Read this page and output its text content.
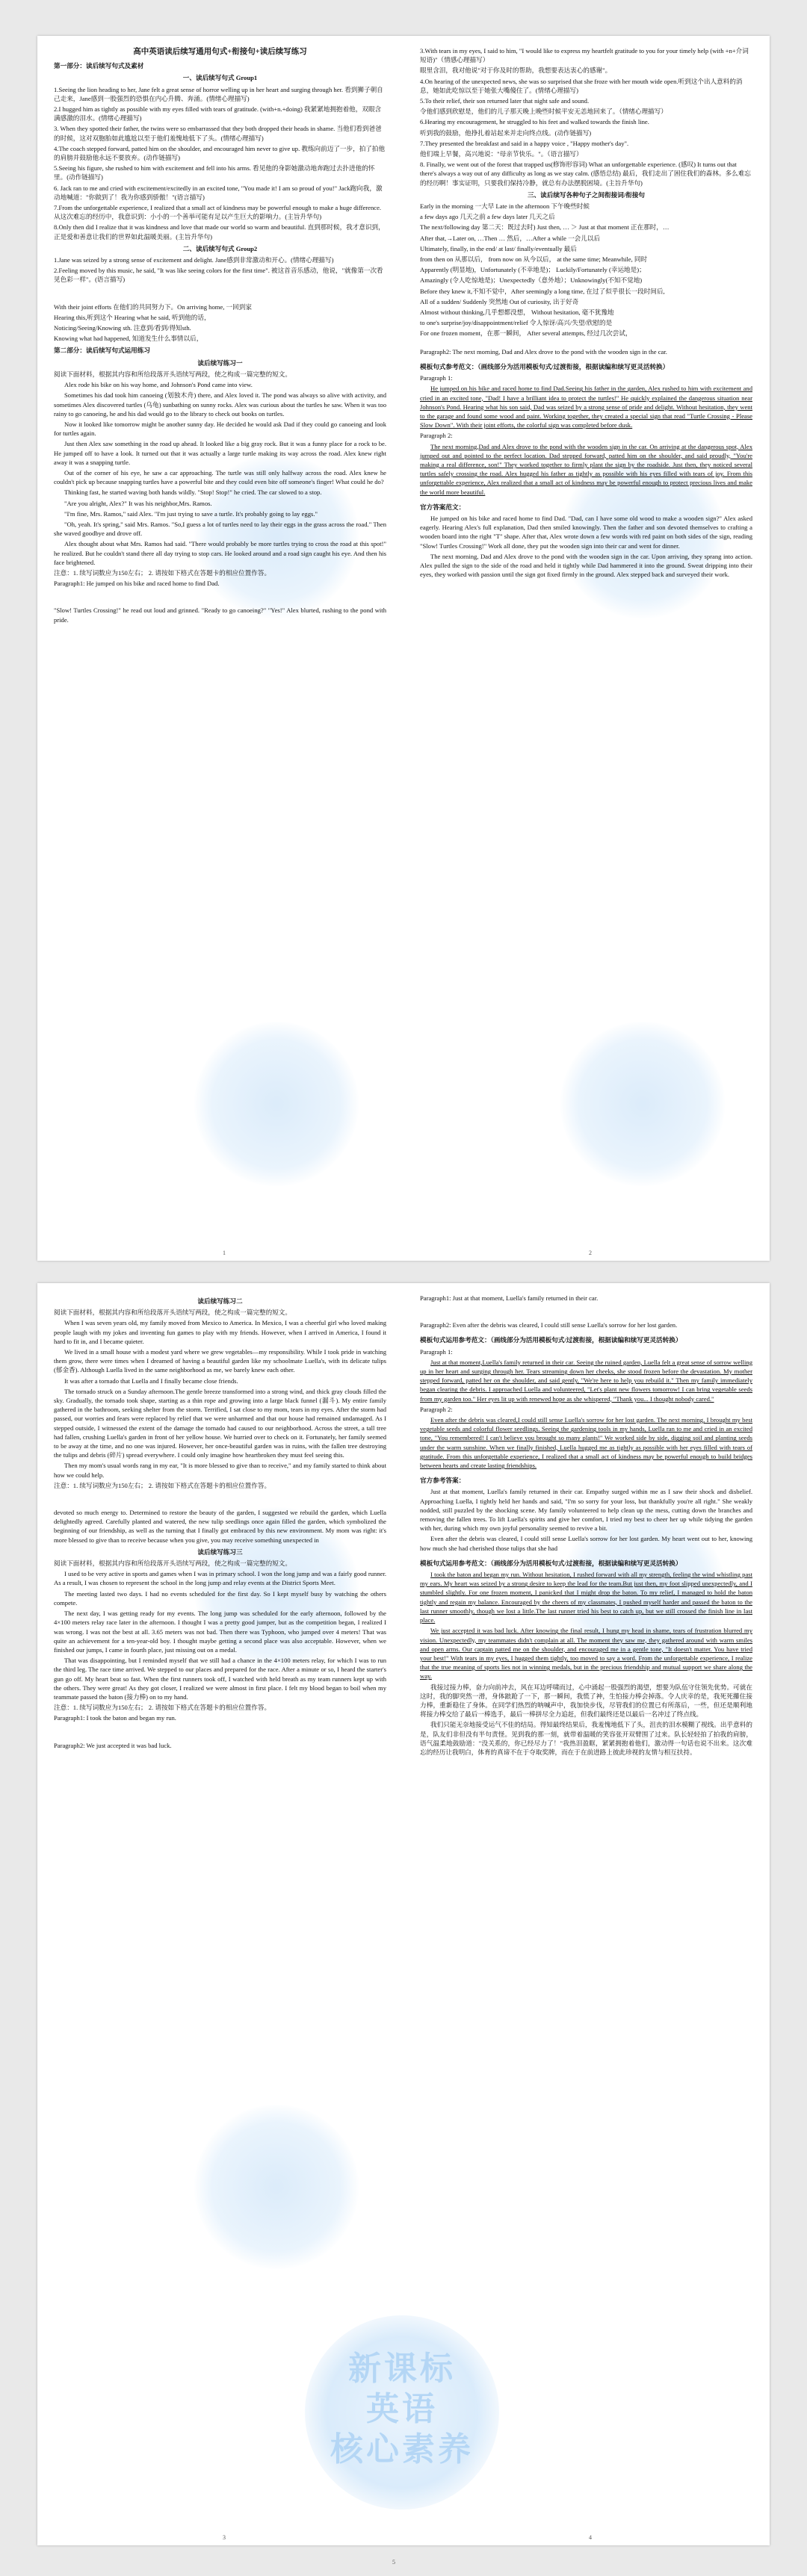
高中英语读后续写通用句式+衔接句+读后续写练习
第一部分：读后续写句式及素材
一、读后续写句式 Group1
1.Seeing the lion heading to her, Jane felt a great sense of horror welling up in her heart and surging through her. 看到狮子朝自己走来，Jane感到一股强烈的恐惧在内心升腾、奔涌。(情绪心理描写)
2.I hugged him as tightly as possible with my eyes filled with tears of gratitude. (with+n.+doing) 我紧紧地拥抱着他，双眼含满感激的泪水。(情绪心理描写)
3. When they spotted their father, the twins were so embarrassed that they both dropped their heads in shame. 当他们看到爸爸的时候，这对双胞胎如此尴尬以至于他们羞愧地低下了头。(情绪心理描写)
4.The coach stepped forward, patted him on the shoulder, and encouraged him never to give up. 教练向前迈了一步，拍了拍他的肩膀并鼓励他永远不要放弃。(动作链描写)
5.Seeing his figure, she rushed to him with excitement and fell into his arms. 看见他的身影她激动地奔跑过去扑进他的怀里。(动作链描写)
6. Jack ran to me and cried with excitement/excitedly in an excited tone, "You made it! I am so proud of you!" Jack跑向我，激动地喊道："你做到了！我为你感到骄傲！"(语言描写)
7.From the unforgettable experience, I realized that a small act of kindness may be powerful enough to make a huge difference. 从这次难忘的经历中，我意识到：小小的一个善举可能有足以产生巨大的影响力。(主旨升华句)
8.Only then did I realize that it was kindness and love that made our world so warm and beautiful. 直到那时候，我才意识到，正是爱和善意让我们的世界如此温暖美丽。(主旨升华句)
二、读后续写句式 Group2
1.Jane was seized by a strong sense of excitement and delight. Jane感到非常激动和开心。(情绪心理描写)
2.Feeling moved by this music, he said, "It was like seeing colors for the first time". 被这首音乐感动，他说，"就像第一次看见色彩一样"。(语言描写)
With their joint efforts 在他们的共同努力下。On arriving home, 一回到家
Hearing this,听到这个 Hearing what he said, 听到他的话，
Noticing/Seeing/Knowing sth. 注意到/看到/得知sth.
Knowing what had happened, 知道发生什么事情以后，
第二部分：读后续写句式运用练习
读后续写练习一

阅读下面材料，根据其内容和所给段落开头语续写两段，使之构成一篇完整的短文。

Alex rode his bike on his way home, and Johnson's Pond came into view.

Sometimes his dad took him canoeing (划独木舟) there, and Alex loved it. The pond was always so alive with activity, and sometimes Alex discovered turtles (乌龟) sunbathing on sunny rocks. Alex was curious about the turtles he saw. When it was too rainy to go canoeing, he and his dad would go to the library to check out books on turtles.

Now it looked like tomorrow might be another sunny day. He decided he would ask Dad if they could go canoeing and look for turtles again.

Just then Alex saw something in the road up ahead. It looked like a big gray rock. But it was a funny place for a rock to be. He jumped off to have a look. It turned out that it was actually a large turtle making its way across the road. Alex knew right away it was a snapping turtle.

Out of the corner of his eye, he saw a car approaching. The turtle was still only halfway across the road. Alex knew he couldn't pick up because snapping turtles have a powerful bite and they could even bite off someone's finger! What could he do?

Thinking fast, he started waving both hands wildly. "Stop! Stop!" he cried. The car slowed to a stop.

"Are you alright, Alex?" It was his neighbor,Mrs. Ramos.

"I'm fine, Mrs. Ramos," said Alex. "I'm just trying to save a turtle. It's probably going to lay eggs."

"Oh, yeah. It's spring," said Mrs. Ramos. "So,I guess a lot of turtles need to lay their eggs in the grass across the road." Then she waved goodbye and drove off.

Alex thought about what Mrs. Ramos had said. "There would probably be more turtles trying to cross the road at this spot!" he realized. But he couldn't stand there all day trying to stop cars. He looked around and a road sign caught his eye. And then his face brightened.

注意：1. 续写词数应为150左右； 2. 请按如下格式在答题卡的相应位置作答。

Paragraph1: He jumped on his bike and raced home to find Dad.

"Slow! Turtles Crossing!" he read out loud and grinned. "Ready to go canoeing?" "Yes!" Alex blurted, rushing to the pond with pride.

3.With tears in my eyes, I said to him, "I would like to express my heartfelt gratitude to you for your timely help (with +n+介词短语)"（情感心理描写）
眼里含泪，我对他说"对于你及时的帮助，我想要表达衷心的感谢"。
4.On hearing of the unexpected news, she was so surprised that she froze with her mouth wide open.听到这个出人意料的消息，她如此吃惊以至于她张大嘴傻住了。(情绪心理描写)
5.To their relief, their son returned later that night safe and sound.
令他们感到欣慰是，他们的儿子那天晚上晚些时候平安无恙地回来了。（情绪心理描写）
6.Hearing my encouragement, he struggled to his feet and walked towards the finish line.
听到我的鼓励，他挣扎着站起来并走向终点线。(动作链描写)
7.They presented the breakfast and said in a happy voice , "Happy mother's day".
他们端上早餐，高兴地说："母亲节快乐。"。（语言描写）
8. Finally, we went out of the forest that trapped us(修饰形容词) What an unforgettable experience. (感叹) It turns out that there's always a way out of any difficulty as long as we stay calm. (感悟总结) 最后，我们走出了困住我们的森林。多么难忘的经历啊！事实证明，只要我们保持冷静，就总有办法摆脱困境。(主旨升华句)
三、读后续写各种句子之间衔接词/衔接句
Early in the morning 一大早 Late in the afternoon 下午晚些时候
a few days ago 几天之前 a few days later 几天之后
The next/following day 第二天：既过去时) Just then, … ＞ Just at that moment 正在那时，…
After that,→Later on, …Then … 然后，…After a while 一会儿以后
Ultimately, finally, in the end/ at last/ finally/eventually 最后
from then on 从那以后， from now on 从今以后， at the same time; Meanwhile, 同时
Apparently (明显地)，Unfortunately (不幸地是)； Luckily/Fortunately (幸运地是)；
Amazingly (令人吃惊地是)；Unexpectedly（意外地）；Unknowingly(不知不觉地)
Before they knew it,不知不觉中，After seemingly a long time, 在过了似乎很长一段时间后,
All of a sudden/ Suddenly 突然地 Out of curiosity, 出于好奇
Almost without thinking,几乎想都没想， Without hesitation, 毫不犹豫地
to one's surprise/joy/disappointment/relief 令人惊讶/高兴/失望/欣慰的是
For one frozen moment，在那一瞬间， After several attempts, 经过几次尝试，

Paragraph2: The next morning, Dad and Alex drove to the pond with the wooden sign in the car.

模板句式参考范文：（画线部分为活用模板句式/过渡衔接，根据读编和续写更灵活转换）
Paragraph 1:

He jumped on his bike and raced home to find Dad.Seeing his father in the garden, Alex rushed to him with excitement and cried in an excited tone, "Dad! I have a brilliant idea to protect the turtles!" He quickly explained the dangerous situation near Johnson's Pond. Hearing what his son said, Dad was seized by a strong sense of pride and delight. Without hesitation, they went to the garage and found some wood and paint. Working together, they created a special sign that read "Turtle Crossing - Please Slow Down". With their joint efforts, the colorful sign was completed before dusk.

Paragraph 2:

The next morning,Dad and Alex drove to the pond with the wooden sign in the car. On arriving at the dangerous spot, Alex jumped out and pointed to the perfect location. Dad stepped forward, patted him on the shoulder, and said proudly, "You're making a real difference, son!" They worked together to firmly plant the sign by the roadside. Just then, they noticed several turtles safely crossing the road. Alex hugged his father as tightly as possible with his eyes filled with tears of joy. From this unforgettable experience, Alex realized that a small act of kindness may be powerful enough to protect precious lives and make the world more beautiful.

官方答案范文：

He jumped on his bike and raced home to find Dad. "Dad, can I have some old wood to make a wooden sign?" Alex asked eagerly. Hearing Alex's full explanation, Dad then smiled knowingly. Then the father and son devoted themselves to crafting a wooden board into the right "T" shape. After that, Alex wrote down a few words with red paint on both sides of the sign, reading "Slow! Turtles Crossing!" Work all done, they put the wooden sign into their car and went for dinner.

The next morning, Dad and Alex drove to the pond with the wooden sign in the car. Upon arriving, they sprang into action. Alex pulled the sign to the side of the road and held it tightly while Dad hammered it into the ground. Sweat dripping into their eyes, they worked with passion until the sign got fixed firmly in the ground. Alex stepped back and surveyed their work.

1	2
读后续写练习二

阅读下面材料，根据其内容和所给段落开头语续写两段，使之构成一篇完整的短文。

When I was seven years old, my family moved from Mexico to America. In Mexico, I was a cheerful girl who loved making people laugh with my jokes and inventing fun games to play with my friends. However, when I arrived in America, I found it hard to fit in, and I became quieter.

We lived in a small house with a modest yard where we grew vegetables—my responsibility. While I took pride in watching them grow, there were times when I dreamed of having a beautiful garden like my schoolmate Luella's, with its delicate tulips (郁金香). Although Luella lived in the same neighborhood as me, we barely knew each other.

It was after a tornado that Luella and I finally became close friends.

The tornado struck on a Sunday afternoon.The gentle breeze transformed into a strong wind, and thick gray clouds filled the sky. Gradually, the tornado took shape, starting as a thin rope and growing into a large black funnel (漏斗). My entire family gathered in the bathroom, seeking shelter from the storm. Terrified, I sat close to my mom, tears in my eyes. After the storm had passed, our worries and fears were replaced by relief that we were unharmed and that our house had remained undamaged. As I stepped outside, I witnessed the extent of the damage the tornado had caused to our neighborhood. Across the street, a tall tree had fallen, crushing Luella's garden in front of her yellow house. We hurried over to check on it. Fortunately, her family seemed to be away at the time, and no one was injured. However, her once-beautiful garden was in ruins, with the fallen tree destroying the tulips and debris (碎片) spread everywhere. I could only imagine how heartbroken they must feel seeing this.

Then my mom's usual words rang in my ear, "It is more blessed to give than to receive," and my family started to think about how we could help.

注意：1. 续写词数应为150左右； 2. 请按如下格式在答题卡的相应位置作答。

devoted so much energy to. Determined to restore the beauty of the garden, I suggested we rebuild the garden, which Luella delightedly agreed. Carefully planted and watered, the new tulip seedlings once again filled the garden, which symbolized the beginning of our friendship, as well as the turning that I finally got embraced by this new environment. My mom was right: it's more blessed to give than to receive because when you give, you may receive something unexpected in

读后续写练习三

阅读下面材料，根据其内容和所给段落开头语续写两段，使之构成一篇完整的短文。

I used to be very active in sports and games when I was in primary school. I won the long jump and was a fairly good runner. As a result, I was chosen to represent the school in the long jump and relay events at the District Sports Meet.

The meeting lasted two days. I had no events scheduled for the first day. So I kept myself busy by watching the others compete.

The next day, I was getting ready for my events. The long jump was scheduled for the early afternoon, followed by the 4×100 meters relay race later in the afternoon. I thought I was a pretty good jumper, but as the competition began, I realized I was wrong. I was not the best at all. 3.65 meters was not bad. Then there was Typhoon, who jumped over 4 meters! That was quite an achievement for a ten-year-old boy. I thought maybe getting a second place was also acceptable. However, when we finished our jumps, I came in fourth place, just missing out on a medal.

That was disappointing, but I reminded myself that we still had a chance in the 4×100 meters relay, for which I was to run the third leg. The race time arrived. We stepped to our places and prepared for the race. After a minute or so, I heard the starter's gun go off. My heart beat so fast. When the first runners took off, I watched with held breath as my team runners kept up with the others. They were great! As they got closer, I realized we were almost in first place. I felt my blood began to boil when my teammate passed the baton (接力棒) on to my hand.

注意：1. 续写词数应为150左右； 2. 请按如下格式在答题卡的相应位置作答。

Paragraph1: I took the baton and began my run.

Paragraph2: We just accepted it was bad luck.

Paragraph1: Just at that moment, Luella's family returned in their car.

Paragraph2: Even after the debris was cleared, I could still sense Luella's sorrow for her lost garden.

模板句式运用参考范文：（画线部分为活用模板句式/过渡衔接，根据读编和续写更灵活转换）
Paragraph 1:

Just at that moment,Luella's family returned in their car. Seeing the ruined garden, Luella felt a great sense of sorrow welling up in her heart and surging through her. Tears streaming down her cheeks, she stood frozen before the devastation. My mother stepped forward, patted her on the shoulder, and said gently, "We're here to help you rebuild it." Then my family immediately began clearing the debris. I approached Luella and volunteered, "Let's plant new flowers tomorrow! I can bring vegetable seeds from my garden too." Her eyes lit up with renewed hope as she whispered, "Thank you... I thought nobody cared."

Paragraph 2:

Even after the debris was cleared,I could still sense Luella's sorrow for her lost garden. The next morning, I brought my best vegetable seeds and colorful flower seedlings. Seeing the gardening tools in my hands, Luella ran to me and cried in an excited tone, "You remembered! I can't believe you brought so many plants!" We worked side by side, digging soil and planting seeds under the warm sunshine. When we finally finished, Luella hugged me as tightly as possible with her eyes filled with tears of gratitude. From this unforgettable experience, I realized that a small act of kindness may be powerful enough to build bridges between hearts and create lasting friendships.

官方参考答案：

Just at that moment, Luella's family returned in their car. Empathy surged within me as I saw their shock and disbelief. Approaching Luella, I tightly held her hands and said, "I'm so sorry for your loss, but thankfully you're all right." She weakly nodded, still puzzled by the shocking scene. My family volunteered to help clean up the mess, cutting down the branches and removing the fallen trees. To lift Luella's spirits and give her comfort, I tried my best to cheer her up while tidying the garden with her, during which my own joyful personality seemed to revive a bit.

Even after the debris was cleared, I could still sense Luella's sorrow for her lost garden. My heart went out to her, knowing how much she had cherished those tulips that she had

模板句式运用参考范文：（画线部分为活用模板句式/过渡衔接，根据读编和续写更灵活转换）

I took the baton and began my run. Without hesitation, I rushed forward with all my strength, feeling the wind whistling past my ears. My heart was seized by a strong desire to keep the lead for the team.But just then, my foot slipped unexpectedly, and I stumbled slightly. For one frozen moment, I panicked that I might drop the baton. To my relief, I managed to hold the baton tightly and regain my balance. Encouraged by the cheers of my classmates, I pushed myself harder and passed the baton to the last runner smoothly, though we lost a little.The last runner tried his best to catch up, but we still crossed the finish line in last place.

We just accepted it was bad luck. After knowing the final result, I hung my head in shame, tears of frustration blurred my vision. Unexpectedly, my teammates didn't complain at all. The moment they saw me, they gathered around with warm smiles and open arms. Our captain patted me on the shoulder, and encouraged me in a gentle tone, "It doesn't matter. You have tried your best!" With tears in my eyes, I hugged them tightly, too moved to say a word. From the unforgettable experience, I realize that the true meaning of sports lies not in winning medals, but in the precious friendship and mutual support we share along the way.

我接过接力棒，奋力向前冲去，风在耳边呼啸而过，心中涌起一股强烈的渴望，想要为队伍守住领先优势。可就在这时，我的脚突然一滑，身体踉跄了一下，那一瞬间，我慌了神，生怕接力棒会掉落。令人庆幸的是，我死死攥住接力棒，重新稳住了身体。在同学们热烈的呐喊声中，我加快步伐，尽管我们的位置已有所落后，一些，但还是顺利地将接力棒交给了最后一棒选手，最后一棒拼尽全力追赶，但我们最终还是以最后一名冲过了终点线。

我们只能无奈地接受运气不佳的结局。得知最终结果后，我羞愧地低下了头，沮丧的泪水模糊了视线。出乎意料的是，队友们非但没有半句责怪。见到我的那一刻，就带着温暖的笑容张开双臂围了过来。队长轻轻拍了拍我的肩膀，语气温柔地鼓励道："没关系的，你已经尽力了！"我热泪盈眶，紧紧拥抱着他们，激动得一句话也说不出来。这次难忘的经历让我明白，体育的真谛不在于夺取奖牌，而在于在前进路上彼此珍视的友情与相互扶持。

3	4
新课标
英语
核心素养
5
